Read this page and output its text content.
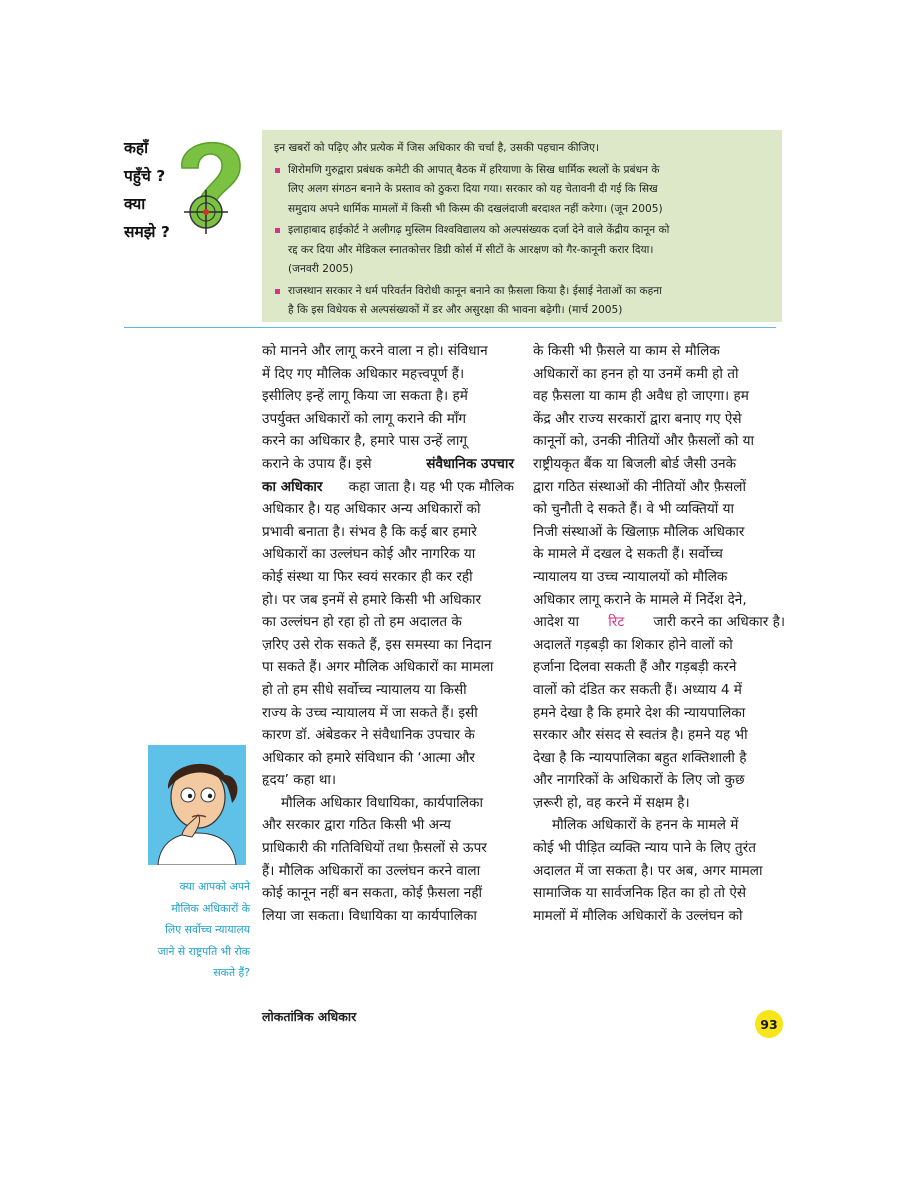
कहाँ
पहुँचे ?
क्या
समझे ?
इन खबरों को पढ़िए और प्रत्येक में जिस अधिकार की चर्चा है, उसकी पहचान कीजिए।
शिरोमणि गुरुद्वारा प्रबंधक कमेटी की आपात् बैठक में हरियाणा के सिख धार्मिक स्थलों के प्रबंधन के
लिए अलग संगठन बनाने के प्रस्ताव को ठुकरा दिया गया। सरकार को यह चेतावनी दी गई कि सिख
समुदाय अपने धार्मिक मामलों में किसी भी किस्म की दखलंदाजी बरदाश्त नहीं करेगा। (जून 2005)
इलाहाबाद हाईकोर्ट ने अलीगढ़ मुस्लिम विश्वविद्यालय को अल्पसंख्यक दर्जा देने वाले केंद्रीय कानून को
रद्द कर दिया और मेडिकल स्नातकोत्तर डिग्री कोर्स में सीटों के आरक्षण को गैर-कानूनी करार दिया।
(जनवरी 2005)
राजस्थान सरकार ने धर्म परिवर्तन विरोधी कानून बनाने का फ़ैसला किया है। ईसाई नेताओं का कहना
है कि इस विधेयक से अल्पसंख्यकों में डर और असुरक्षा की भावना बढ़ेगी। (मार्च 2005)
को मानने और लागू करने वाला न हो। संविधान
में दिए गए मौलिक अधिकार महत्त्वपूर्ण हैं।
इसीलिए इन्हें लागू किया जा सकता है। हमें
उपर्युक्त अधिकारों को लागू कराने की माँग
करने का अधिकार है, हमारे पास उन्हें लागू
कराने के उपाय हैं। इसे	संवैधानिक उपचार
का अधिकार कहा जाता है। यह भी एक मौलिक
अधिकार है। यह अधिकार अन्य अधिकारों को
प्रभावी बनाता है। संभव है कि कई बार हमारे
अधिकारों का उल्लंघन कोई और नागरिक या
कोई संस्था या फिर स्वयं सरकार ही कर रही
हो। पर जब इनमें से हमारे किसी भी अधिकार
का उल्लंघन हो रहा हो तो हम अदालत के
ज़रिए उसे रोक सकते हैं, इस समस्या का निदान
पा सकते हैं। अगर मौलिक अधिकारों का मामला
हो तो हम सीधे सर्वोच्च न्यायालय या किसी
राज्य के उच्च न्यायालय में जा सकते हैं। इसी
कारण डॉ. अंबेडकर ने संवैधानिक उपचार के
अधिकार को हमारे संविधान की ‘आत्मा और
हृदय’ कहा था।
मौलिक अधिकार विधायिका, कार्यपालिका
और सरकार द्वारा गठित किसी भी अन्य
प्राधिकारी की गतिविधियों तथा फ़ैसलों से ऊपर
हैं। मौलिक अधिकारों का उल्लंघन करने वाला
कोई कानून नहीं बन सकता, कोई फ़ैसला नहीं
लिया जा सकता। विधायिका या कार्यपालिका
के किसी भी फ़ैसले या काम से मौलिक
अधिकारों का हनन हो या उनमें कमी हो तो
वह फ़ैसला या काम ही अवैध हो जाएगा। हम
केंद्र और राज्य सरकारों द्वारा बनाए गए ऐसे
कानूनों को, उनकी नीतियों और फ़ैसलों को या
राष्ट्रीयकृत बैंक या बिजली बोर्ड जैसी उनके
द्वारा गठित संस्थाओं की नीतियों और फ़ैसलों
को चुनौती दे सकते हैं। वे भी व्यक्तियों या
निजी संस्थाओं के खिलाफ़ मौलिक अधिकार
के मामले में दखल दे सकती हैं। सर्वोच्च
न्यायालय या उच्च न्यायालयों को मौलिक
अधिकार लागू कराने के मामले में निर्देश देने,
आदेश या रिट जारी करने का अधिकार है।
अदालतें गड़बड़ी का शिकार होने वालों को
हर्जाना दिलवा सकती हैं और गड़बड़ी करने
वालों को दंडित कर सकती हैं। अध्याय 4 में
हमने देखा है कि हमारे देश की न्यायपालिका
सरकार और संसद से स्वतंत्र है। हमने यह भी
देखा है कि न्यायपालिका बहुत शक्तिशाली है
और नागरिकों के अधिकारों के लिए जो कुछ
ज़रूरी हो, वह करने में सक्षम है।
मौलिक अधिकारों के हनन के मामले में
कोई भी पीड़ित व्यक्ति न्याय पाने के लिए तुरंत
अदालत में जा सकता है। पर अब, अगर मामला
सामाजिक या सार्वजनिक हित का हो तो ऐसे
मामलों में मौलिक अधिकारों के उल्लंघन को
क्या आपको अपने
मौलिक अधिकारों के
लिए सर्वोच्च न्यायालय
जाने से राष्ट्रपति भी रोक
सकते हैं?
लोकतांत्रिक अधिकार	93
